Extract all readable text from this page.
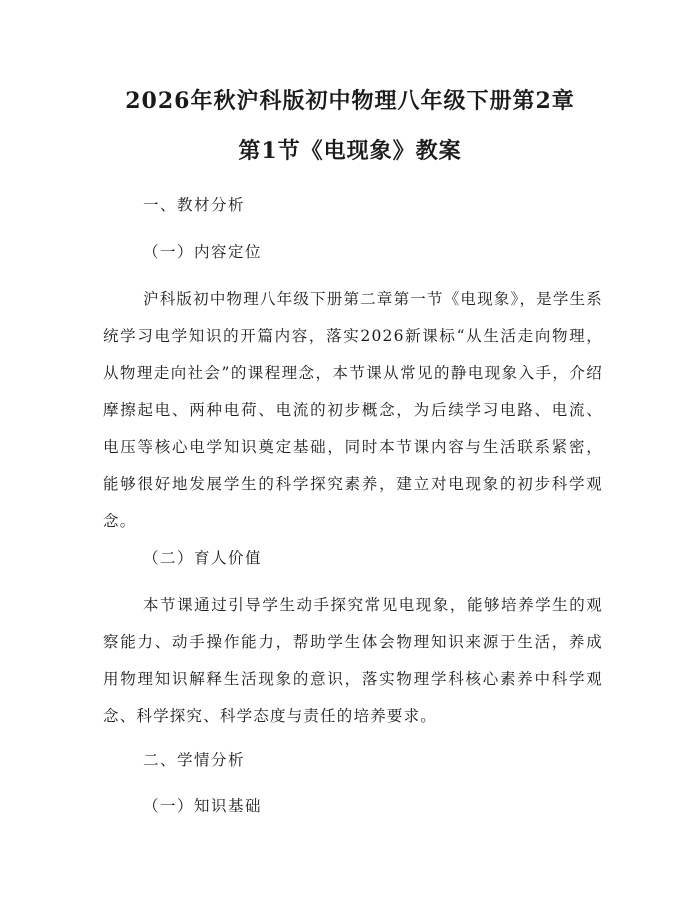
2026年秋沪科版初中物理八年级下册第2章
第1节《电现象》教案
一、教材分析
（一）内容定位

沪科版初中物理八年级下册第二章第一节《电现象》，是学生系统学习电学知识的开篇内容，落实2026新课标“从生活走向物理，从物理走向社会”的课程理念，本节课从常见的静电现象入手，介绍摩擦起电、两种电荷、电流的初步概念，为后续学习电路、电流、电压等核心电学知识奠定基础，同时本节课内容与生活联系紧密，能够很好地发展学生的科学探究素养，建立对电现象的初步科学观念。

（二）育人价值

本节课通过引导学生动手探究常见电现象，能够培养学生的观察能力、动手操作能力，帮助学生体会物理知识来源于生活，养成用物理知识解释生活现象的意识，落实物理学科核心素养中科学观念、科学探究、科学态度与责任的培养要求。

二、学情分析
（一）知识基础
